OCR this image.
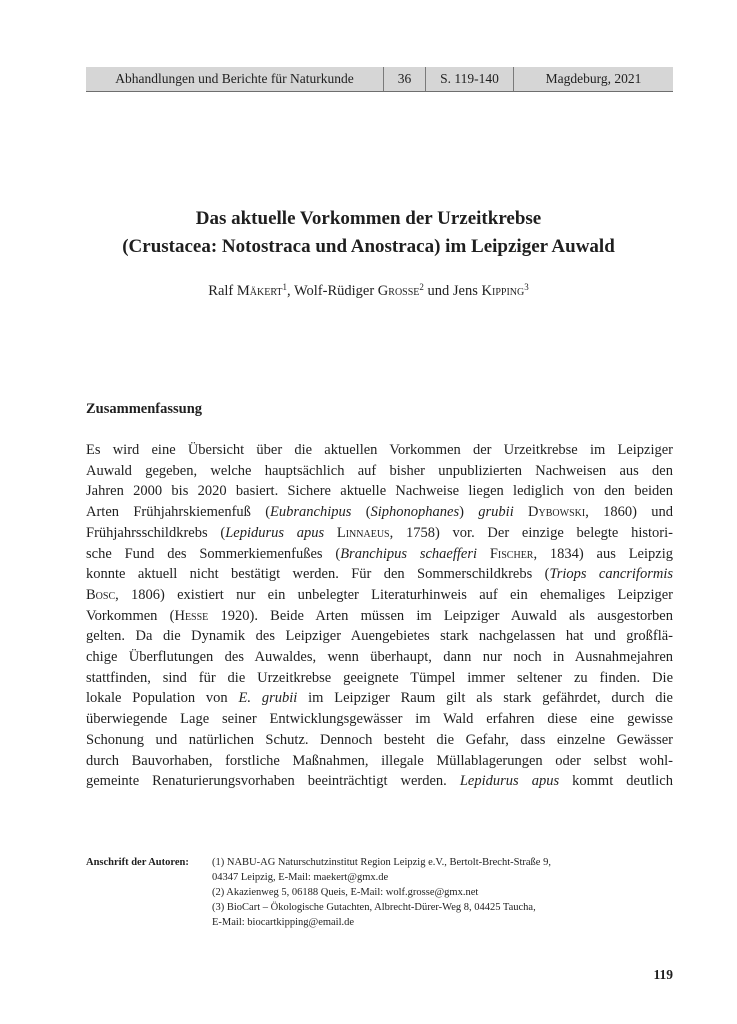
Abhandlungen und Berichte für Naturkunde	36	S. 119-140	Magdeburg, 2021
Das aktuelle Vorkommen der Urzeitkrebse
(Crustacea: Notostraca und Anostraca) im Leipziger Auwald
Ralf Mäkert$^1$, Wolf-Rüdiger Grosse$^2$ und Jens Kipping$^3$
Zusammenfassung
Es wird eine Übersicht über die aktuellen Vorkommen der Urzeitkrebse im Leipziger
Auwald gegeben, welche hauptsächlich auf bisher unpublizierten Nachweisen aus den
Jahren 2000 bis 2020 basiert. Sichere aktuelle Nachweise liegen lediglich von den beiden
Arten Frühjahrskiemenfuß (Eubranchipus (Siphonophanes) grubii Dybowski, 1860) und
Frühjahrsschildkrebs (Lepidurus apus Linnaeus, 1758) vor. Der einzige belegte histori-
sche Fund des Sommerkiemenfußes (Branchipus schaefferi Fischer, 1834) aus Leipzig
konnte aktuell nicht bestätigt werden. Für den Sommerschildkrebs (Triops cancriformis
Bosc, 1806) existiert nur ein unbelegter Literaturhinweis auf ein ehemaliges Leipziger
Vorkommen (Hesse 1920). Beide Arten müssen im Leipziger Auwald als ausgestorben
gelten. Da die Dynamik des Leipziger Auengebietes stark nachgelassen hat und großflä-
chige Überflutungen des Auwaldes, wenn überhaupt, dann nur noch in Ausnahmejahren
stattfinden, sind für die Urzeitkrebse geeignete Tümpel immer seltener zu finden. Die
lokale Population von E. grubii im Leipziger Raum gilt als stark gefährdet, durch die
überwiegende Lage seiner Entwicklungsgewässer im Wald erfahren diese eine gewisse
Schonung und natürlichen Schutz. Dennoch besteht die Gefahr, dass einzelne Gewässer
durch Bauvorhaben, forstliche Maßnahmen, illegale Müllablagerungen oder selbst wohl-
gemeinte Renaturierungsvorhaben beeinträchtigt werden. Lepidurus apus kommt deutlich
Anschrift der Autoren:	(1) NABU-AG Naturschutzinstitut Region Leipzig e.V., Bertolt-Brecht-Straße 9,
04347 Leipzig, E-Mail: maekert@gmx.de
(2) Akazienweg 5, 06188 Queis, E-Mail: wolf.grosse@gmx.net
(3) BioCart – Ökologische Gutachten, Albrecht-Dürer-Weg 8, 04425 Taucha,
E-Mail: biocartkipping@email.de
119
